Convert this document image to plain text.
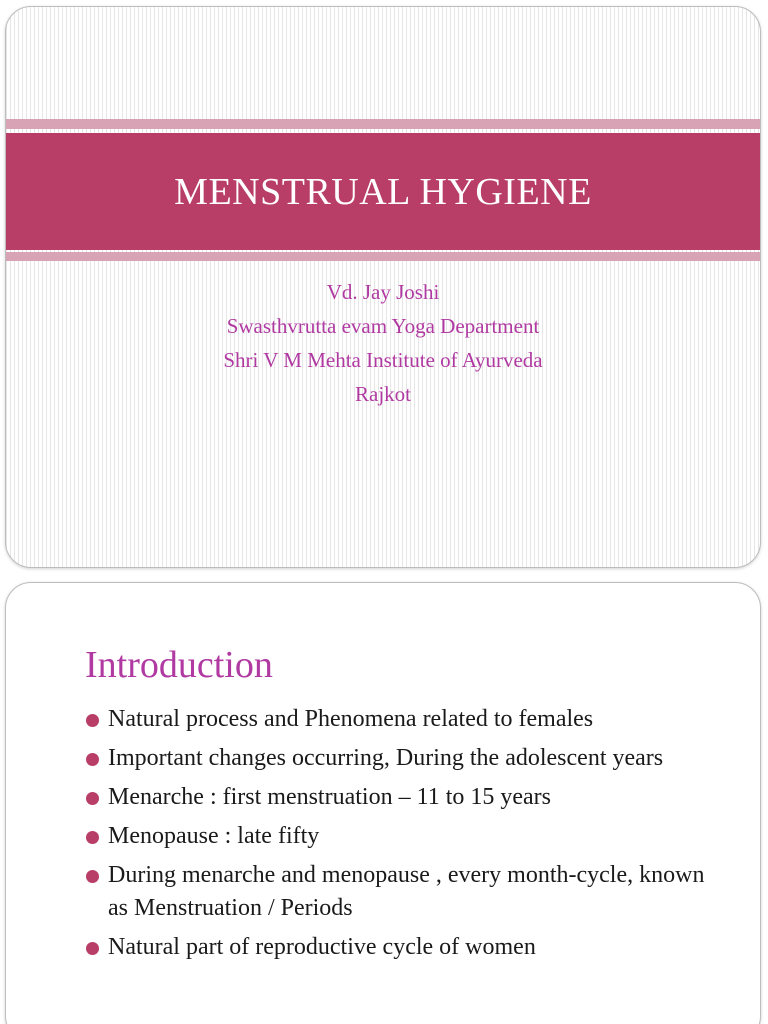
MENSTRUAL HYGIENE
Vd. Jay Joshi
Swasthvrutta evam Yoga Department
Shri V M Mehta Institute of Ayurveda
Rajkot
Introduction
Natural process and Phenomena related to females
Important changes occurring, During the adolescent years
Menarche : first menstruation – 11 to 15 years
Menopause : late fifty
During menarche and menopause , every month-cycle, known as Menstruation / Periods
Natural part of reproductive cycle of women
